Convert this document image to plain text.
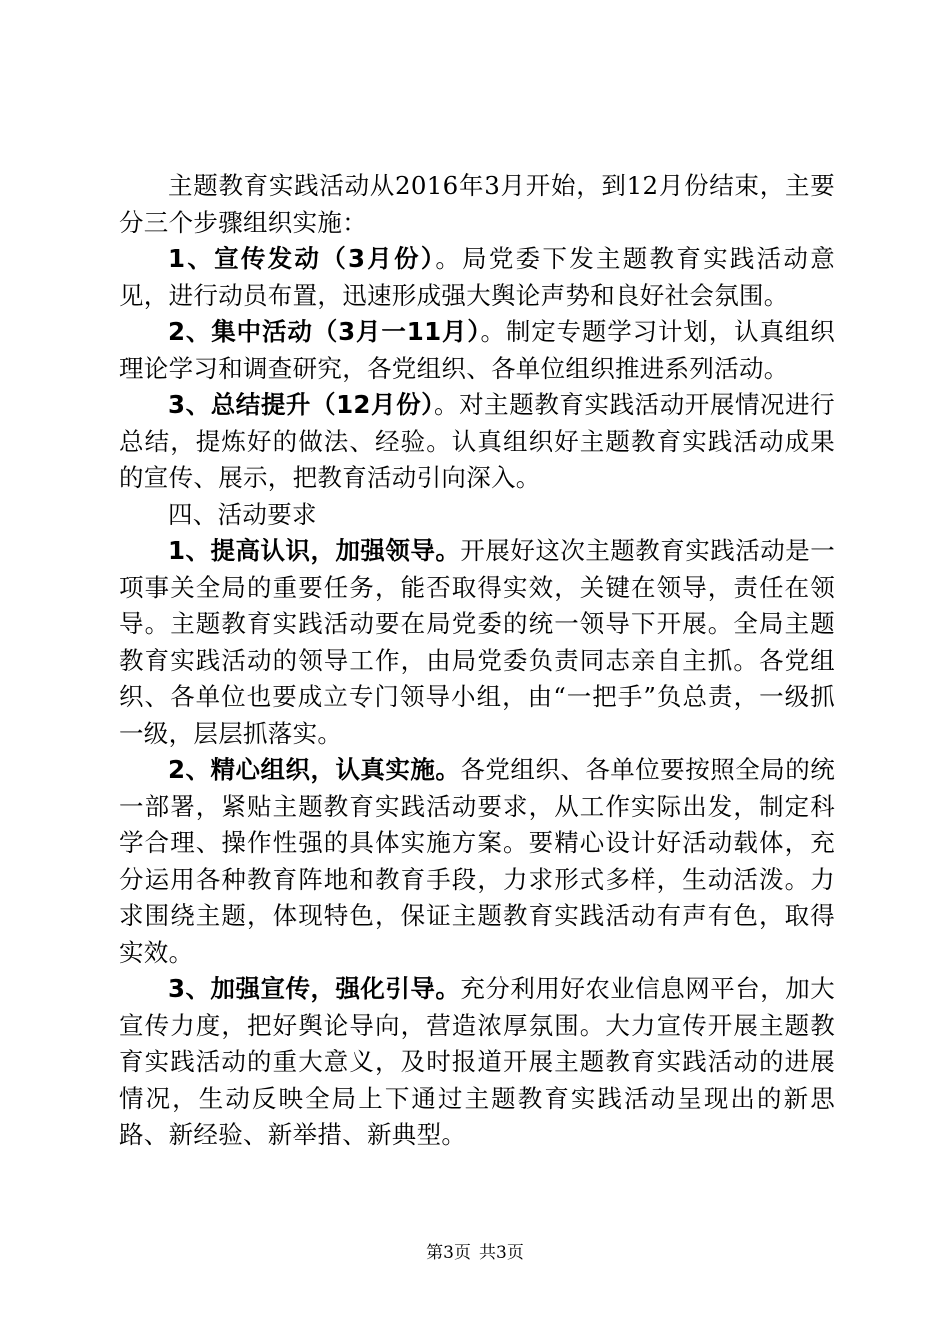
主题教育实践活动从2016年3月开始，到12月份结束，主要分三个步骤组织实施：

1、宣传发动（3月份）。局党委下发主题教育实践活动意见，进行动员布置，迅速形成强大舆论声势和良好社会氛围。

2、集中活动（3月一11月）。制定专题学习计划，认真组织理论学习和调查研究，各党组织、各单位组织推进系列活动。

3、总结提升（12月份）。对主题教育实践活动开展情况进行总结，提炼好的做法、经验。认真组织好主题教育实践活动成果的宣传、展示，把教育活动引向深入。

四、活动要求

1、提高认识，加强领导。开展好这次主题教育实践活动是一项事关全局的重要任务，能否取得实效，关键在领导，责任在领导。主题教育实践活动要在局党委的统一领导下开展。全局主题教育实践活动的领导工作，由局党委负责同志亲自主抓。各党组织、各单位也要成立专门领导小组，由“一把手”负总责，一级抓一级，层层抓落实。

2、精心组织，认真实施。各党组织、各单位要按照全局的统一部署，紧贴主题教育实践活动要求，从工作实际出发，制定科学合理、操作性强的具体实施方案。要精心设计好活动载体，充分运用各种教育阵地和教育手段，力求形式多样，生动活泼。力求围绕主题，体现特色，保证主题教育实践活动有声有色，取得实效。

3、加强宣传，强化引导。充分利用好农业信息网平台，加大宣传力度，把好舆论导向，营造浓厚氛围。大力宣传开展主题教育实践活动的重大意义，及时报道开展主题教育实践活动的进展情况，生动反映全局上下通过主题教育实践活动呈现出的新思路、新经验、新举措、新典型。

第3页 共3页
